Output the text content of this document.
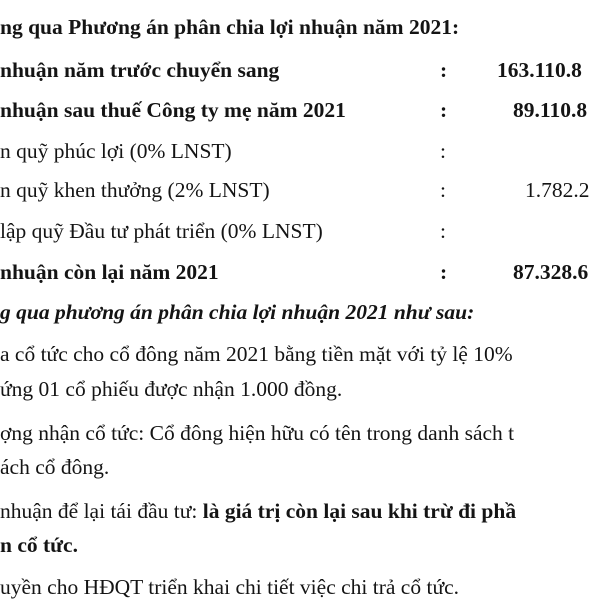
ng qua Phương án phân chia lợi nhuận năm 2021:
nhuận năm trước chuyển sang	: 163.110.8
nhuận sau thuế Công ty mẹ năm 2021	:	89.110.8
n quỹ phúc lợi (0% LNST)	:
n quỹ khen thưởng (2% LNST)	:	1.782.2
lập quỹ Đầu tư phát triển (0% LNST)	:
nhuận còn lại năm 2021	:	87.328.6
g qua phương án phân chia lợi nhuận 2021 như sau:
a cổ tức cho cổ đông năm 2021 bằng tiền mặt với tỷ lệ 10%
ứng 01 cổ phiếu được nhận 1.000 đồng.
ợng nhận cổ tức: Cổ đông hiện hữu có tên trong danh sách t
ách cổ đông.
nhuận để lại tái đầu tư: là giá trị còn lại sau khi trừ đi phầ
n cổ tức.
uyền cho HĐQT triển khai chi tiết việc chi trả cổ tức.
